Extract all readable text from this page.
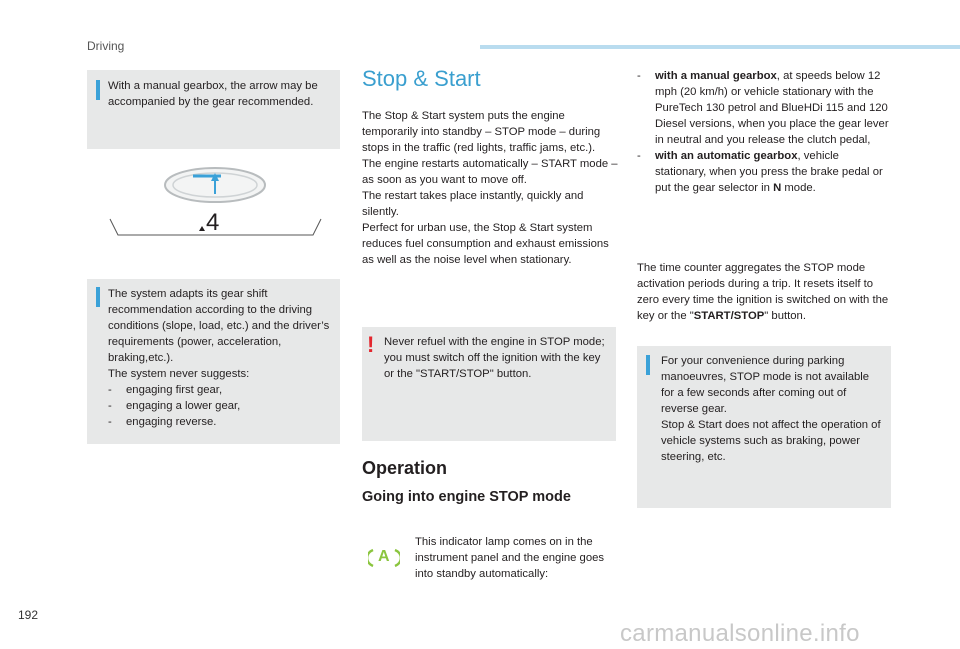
Driving
With a manual gearbox, the arrow may be accompanied by the gear recommended.
4
The system adapts its gear shift recommendation according to the driving conditions (slope, load, etc.) and the driver’s requirements (power, acceleration, braking,etc.).
The system never suggests:
- engaging first gear,
- engaging a lower gear,
- engaging reverse.
Stop & Start
The Stop & Start system puts the engine temporarily into standby – STOP mode – during stops in the traffic (red lights, traffic jams, etc.).
The engine restarts automatically – START mode – as soon as you want to move off.
The restart takes place instantly, quickly and silently.
Perfect for urban use, the Stop & Start system reduces fuel consumption and exhaust emissions as well as the noise level when stationary.
! Never refuel with the engine in STOP mode; you must switch off the ignition with the key or the "START/STOP" button.
Operation
Going into engine STOP mode
A
This indicator lamp comes on in the instrument panel and the engine goes into standby automatically:
- with a manual gearbox, at speeds below 12 mph (20 km/h) or vehicle stationary with the PureTech 130 petrol and BlueHDi 115 and 120 Diesel versions, when you place the gear lever in neutral and you release the clutch pedal,
- with an automatic gearbox, vehicle stationary, when you press the brake pedal or put the gear selector in N mode.
The time counter aggregates the STOP mode activation periods during a trip. It resets itself to zero every time the ignition is switched on with the key or the "START/STOP" button.
For your convenience during parking manoeuvres, STOP mode is not available for a few seconds after coming out of reverse gear.
Stop & Start does not affect the operation of vehicle systems such as braking, power steering, etc.
192
carmanualsonline.info
